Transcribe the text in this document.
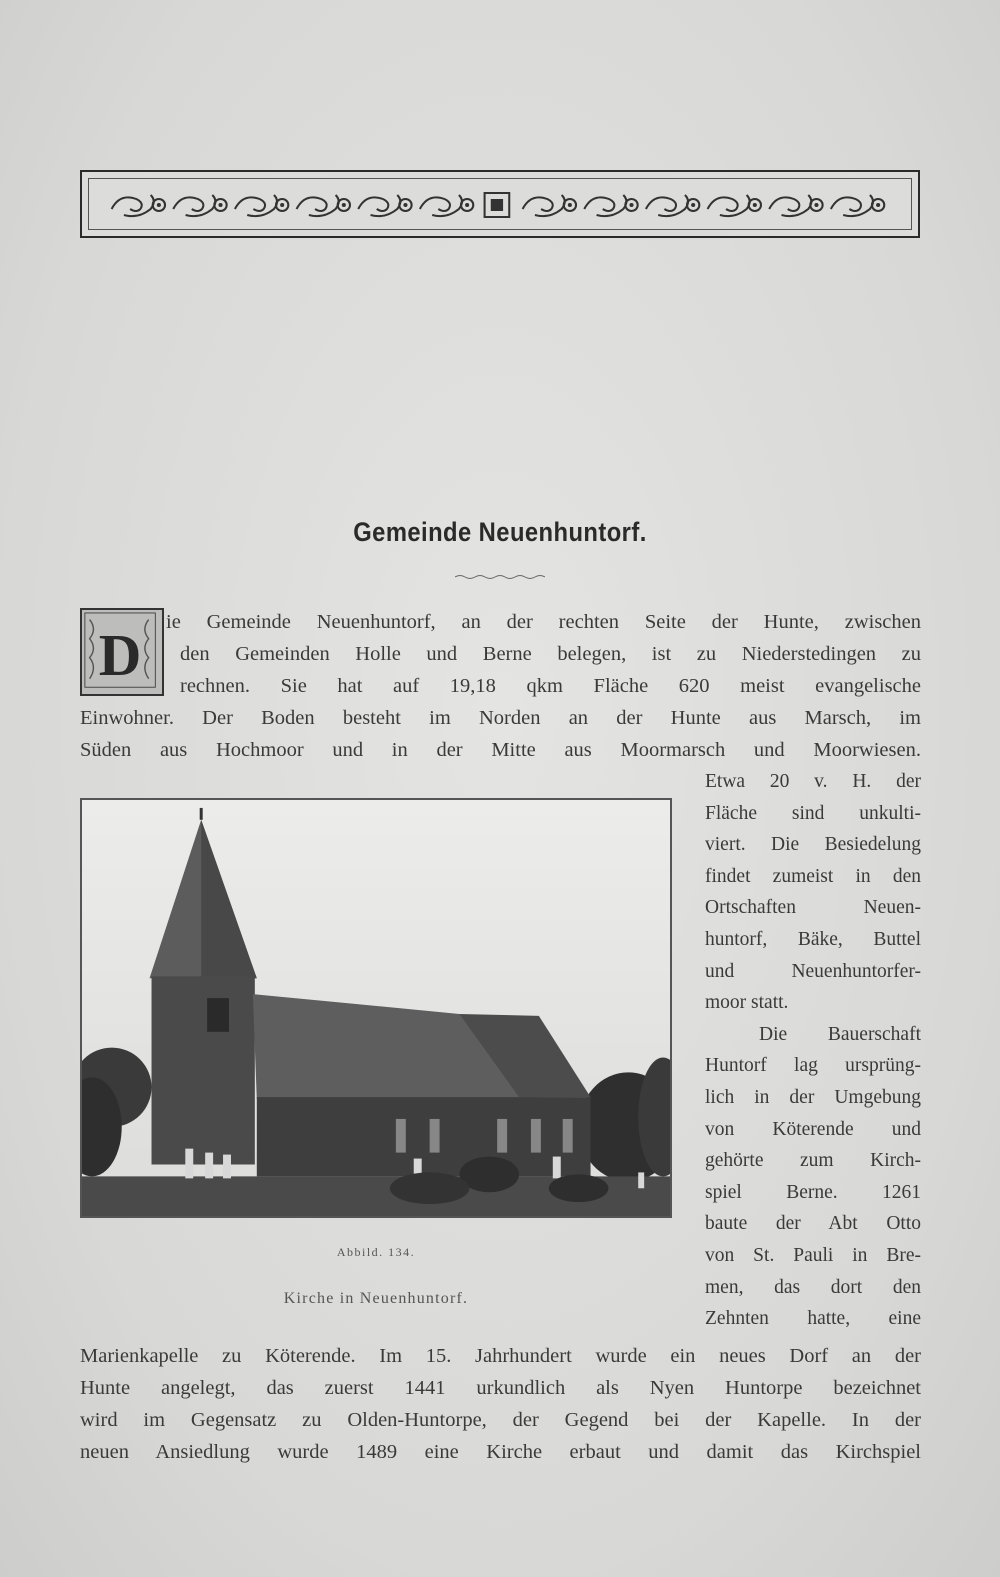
Gemeinde Neuenhuntorf.
D ie Gemeinde Neuenhuntorf, an der rechten Seite der Hunte, zwischen
den Gemeinden Holle und Berne belegen, ist zu Niederstedingen zu
rechnen. Sie hat auf 19,18 qkm Fläche 620 meist evangelische
Einwohner. Der Boden besteht im Norden an der Hunte aus Marsch, im
Süden aus Hochmoor und in der Mitte aus Moormarsch und Moorwiesen.
Etwa 20 v. H. der
Fläche sind unkulti-
viert. Die Besiedelung
findet zumeist in den
Ortschaften Neuen-
huntorf, Bäke, Buttel
und Neuenhuntorfer-
moor statt.
Die Bauerschaft
Huntorf lag ursprüng-
lich in der Umgebung
von Köterende und
gehörte zum Kirch-
spiel Berne. 1261
baute der Abt Otto
von St. Pauli in Bre-
men, das dort den
Zehnten hatte, eine
Abbild. 134.
Kirche in Neuenhuntorf.
Marienkapelle zu Köterende. Im 15. Jahrhundert wurde ein neues Dorf an der
Hunte angelegt, das zuerst 1441 urkundlich als Nyen Huntorpe bezeichnet
wird im Gegensatz zu Olden-Huntorpe, der Gegend bei der Kapelle. In der
neuen Ansiedlung wurde 1489 eine Kirche erbaut und damit das Kirchspiel
